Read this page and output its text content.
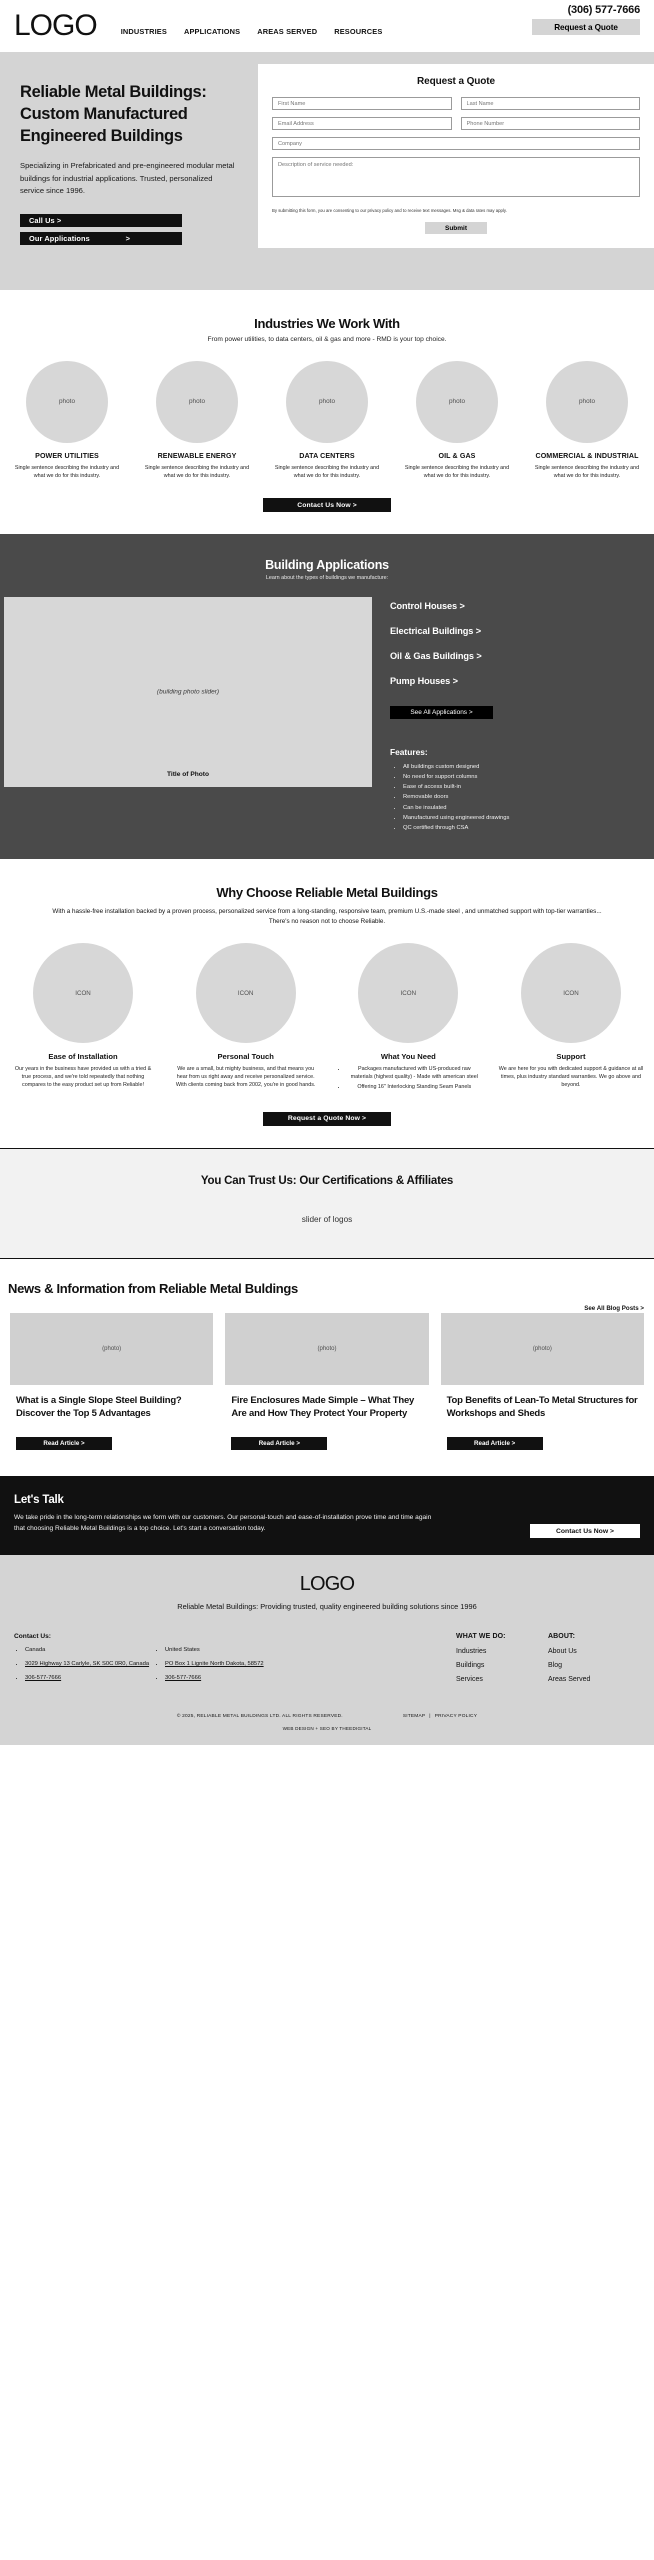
(306) 577-7666
Request a Quote
LOGO	INDUSTRIES APPLICATIONS AREAS SERVED RESOURCES
Reliable Metal Buildings: Custom Manufactured Engineered Buildings

Specializing in Prefabricated and pre-engineered modular metal buildings for industrial applications. Trusted, personalized service since 1996.

Call Us >
Our Applications	>
Request a Quote
First Name
Last Name
Email Address
Phone Number
Company
Description of service needed:
By submitting this form, you are consenting to our privacy policy and to receive text messages. Msg & data rates may apply.
Submit
Industries We Work With
From power utilities, to data centers, oil & gas and more - RMD is your top choice.
photo
POWER UTILITIES
Single sentence describing the industry and what we do for this industry.
photo
RENEWABLE ENERGY
Single sentence describing the industry and what we do for this industry.
photo
DATA CENTERS
Single sentence describing the industry and what we do for this industry.
photo
OIL & GAS
Single sentence describing the industry and what we do for this industry.
photo
COMMERCIAL & INDUSTRIAL
Single sentence describing the industry and what we do for this industry.
Contact Us Now >
Building Applications
Learn about the types of buildings we manufacture:
(building photo slider)
Title of Photo
Control Houses >
Electrical Buildings >
Oil & Gas Buildings >
Pump Houses >
See All Applications >
Features:
• All buildings custom designed
• No need for support columns
• Ease of access built-in
• Removable doors
• Can be insulated
• Manufactured using engineered drawings
• QC certified through CSA
Why Choose Reliable Metal Buildings
With a hassle-free installation backed by a proven process, personalized service from a long-standing, responsive team, premium U.S.-made steel , and unmatched support with top-tier warranties... There's no reason not to choose Reliable.
ICON
Ease of Installation
Our years in the business have provided us with a tried & true process, and we're told repeatedly that nothing compares to the easy product set up from Reliable!
ICON
Personal Touch
We are a small, but mighty business, and that means you hear from us right away and receive personalized service. With clients coming back from 2002, you're in good hands.
ICON
What You Need
• Packages manufactured with US-produced raw materials (highest quality) - Made with american steel
• Offering 16" Interlocking Standing Seam Panels
ICON
Support
We are here for you with dedicated support & guidance at all times, plus industry standard warranties. We go above and beyond.
Request a Quote Now >
You Can Trust Us: Our Certifications & Affiliates
slider of logos
News & Information from Reliable Metal Buldings
See All Blog Posts >
(photo)
What is a Single Slope Steel Building? Discover the Top 5 Advantages
Read Article >
(photo)
Fire Enclosures Made Simple – What They Are and How They Protect Your Property
Read Article >
(photo)
Top Benefits of Lean-To Metal Structures for Workshops and Sheds
Read Article >
Let's Talk

We take pride in the long-term relationships we form with our customers. Our personal-touch and ease-of-installation prove time and time again that choosing Reliable Metal Buildings is a top choice. Let's start a conversation today.	Contact Us Now >
LOGO
Reliable Metal Buildings: Providing trusted, quality engineered building solutions since 1996
Contact Us:
• Canada
• 3029 Highway 13 Carlyle, SK S0C 0R0, Canada
• 306-577-7666
• United States
• PO Box 1 Lignite North Dakota, 58572
• 306-577-7666
WHAT WE DO:
Industries
Buildings
Services
ABOUT:
About Us
Blog
Areas Served
© 2025, RELIABLE METAL BUILDINGS LTD. ALL RIGHTS RESERVED.	SITEMAP | PRIVACY POLICY
WEB DESIGN + SEO BY THEEDIGITAL
